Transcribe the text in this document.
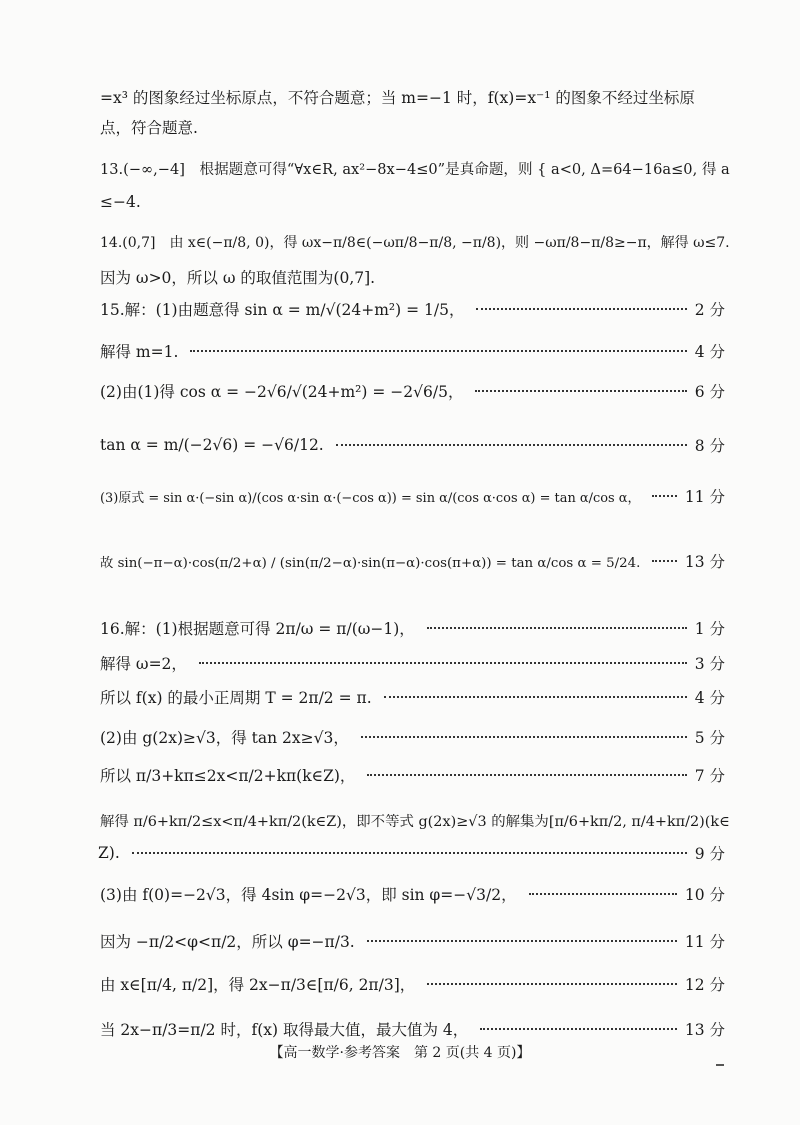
=x³ 的图象经过坐标原点，不符合题意；当 m=−1 时，f(x)=x⁻¹ 的图象不经过坐标原
点，符合题意.
13.(−∞,−4]　根据题意可得“∀x∈R, ax²−8x−4≤0”是真命题，则 { a<0, Δ=64−16a≤0, 得 a
≤−4.
14.(0,7]　由 x∈(−π/8, 0)，得 ωx−π/8∈(−ωπ/8−π/8, −π/8)，则 −ωπ/8−π/8≥−π，解得 ω≤7.
因为 ω>0，所以 ω 的取值范围为(0,7].
15.解：(1)由题意得 sin α = m/√(24+m²) = 1/5，	2 分
解得 m=1.	4 分
(2)由(1)得 cos α = −2√6/√(24+m²) = −2√6/5，	6 分
tan α = m/(−2√6) = −√6/12.	8 分
(3)原式 = sin α·(−sin α)/(cos α·sin α·(−cos α)) = sin α/(cos α·cos α) = tan α/cos α，	11 分
故 sin(−π−α)·cos(π/2+α) / (sin(π/2−α)·sin(π−α)·cos(π+α)) = tan α/cos α = 5/24.	13 分
16.解：(1)根据题意可得 2π/ω = π/(ω−1)，	1 分
解得 ω=2，	3 分
所以 f(x) 的最小正周期 T = 2π/2 = π.	4 分
(2)由 g(2x)≥√3，得 tan 2x≥√3，	5 分
所以 π/3+kπ≤2x<π/2+kπ(k∈Z)，	7 分
解得 π/6+kπ/2≤x<π/4+kπ/2(k∈Z)，即不等式 g(2x)≥√3 的解集为[π/6+kπ/2, π/4+kπ/2)(k∈
Z).	9 分
(3)由 f(0)=−2√3，得 4sin φ=−2√3，即 sin φ=−√3/2，	10 分
因为 −π/2<φ<π/2，所以 φ=−π/3.	11 分
由 x∈[π/4, π/2]，得 2x−π/3∈[π/6, 2π/3]，	12 分
当 2x−π/3=π/2 时，f(x) 取得最大值，最大值为 4，	13 分
【高一数学·参考答案　第 2 页(共 4 页)】
